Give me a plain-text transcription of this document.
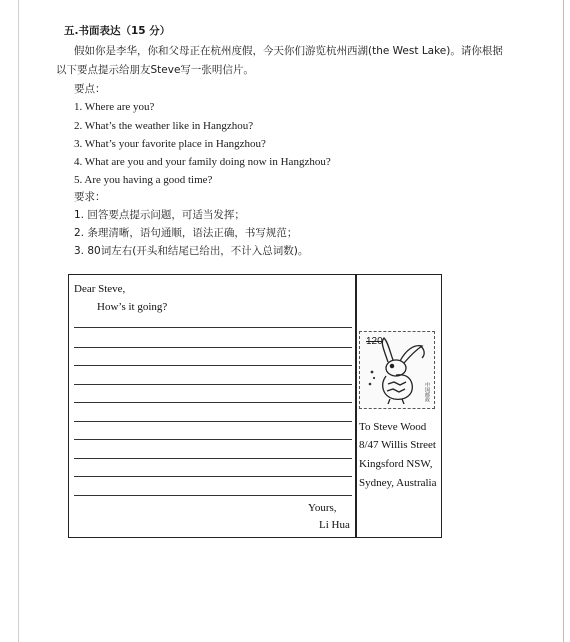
五.书面表达（15 分）
假如你是李华，你和父母正在杭州度假，今天你们游览杭州西湖(the West Lake)。请你根据
以下要点提示给朋友Steve写一张明信片。
要点：
1. Where are you?
2. What’s the weather like in Hangzhou?
3. What’s your favorite place in Hangzhou?
4. What are you and your family doing now in Hangzhou?
5. Are you having a good time?
要求：
1. 回答要点提示问题，可适当发挥；
2. 条理清晰，语句通顺，语法正确，书写规范；
3. 80词左右(开头和结尾已给出，不计入总词数)。
Dear Steve,
How’s it going?
Yours,
Li Hua
120
中国邮政
To Steve Wood
8/47 Willis Street
Kingsford NSW,
Sydney, Australia
